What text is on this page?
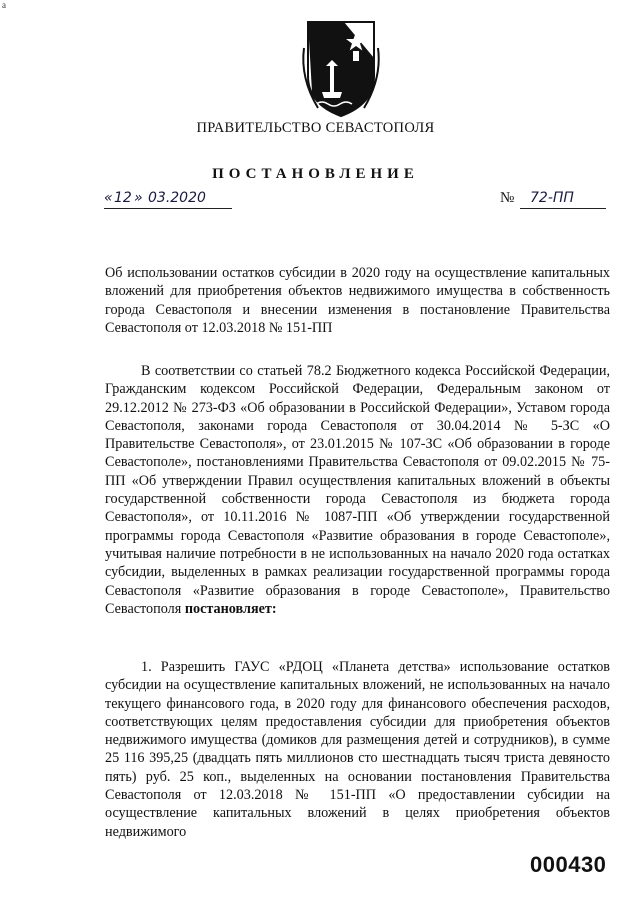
a
ПРАВИТЕЛЬСТВО СЕВАСТОПОЛЯ
ПОСТАНОВЛЕНИЕ
« 12 » 03.2020	№ 72-ПП
Об использовании остатков субсидии в 2020 году на осуществление капитальных вложений для приобретения объектов недвижимого имущества в собственность города Севастополя и внесении изменения в постановление Правительства Севастополя от 12.03.2018 № 151-ПП

В соответствии со статьей 78.2 Бюджетного кодекса Российской Федерации, Гражданским кодексом Российской Федерации, Федеральным законом от 29.12.2012 № 273-ФЗ «Об образовании в Российской Федерации», Уставом города Севастополя, законами города Севастополя от 30.04.2014 № 5-ЗС «О Правительстве Севастополя», от 23.01.2015 № 107-ЗС «Об образовании в городе Севастополе», постановлениями Правительства Севастополя от 09.02.2015 № 75-ПП «Об утверждении Правил осуществления капитальных вложений в объекты государственной собственности города Севастополя из бюджета города Севастополя», от 10.11.2016 № 1087-ПП «Об утверждении государственной программы города Севастополя «Развитие образования в городе Севастополе», учитывая наличие потребности в не использованных на начало 2020 года остатках субсидии, выделенных в рамках реализации государственной программы города Севастополя «Развитие образования в городе Севастополе», Правительство Севастополя постановляет:

1. Разрешить ГАУС «РДОЦ «Планета детства» использование остатков субсидии на осуществление капитальных вложений, не использованных на начало текущего финансового года, в 2020 году для финансового обеспечения расходов, соответствующих целям предоставления субсидии для приобретения объектов недвижимого имущества (домиков для размещения детей и сотрудников), в сумме 25 116 395,25 (двадцать пять миллионов сто шестнадцать тысяч триста девяносто пять) руб. 25 коп., выделенных на основании постановления Правительства Севастополя от 12.03.2018 № 151-ПП «О предоставлении субсидии на осуществление капитальных вложений в целях приобретения объектов недвижимого

000430
